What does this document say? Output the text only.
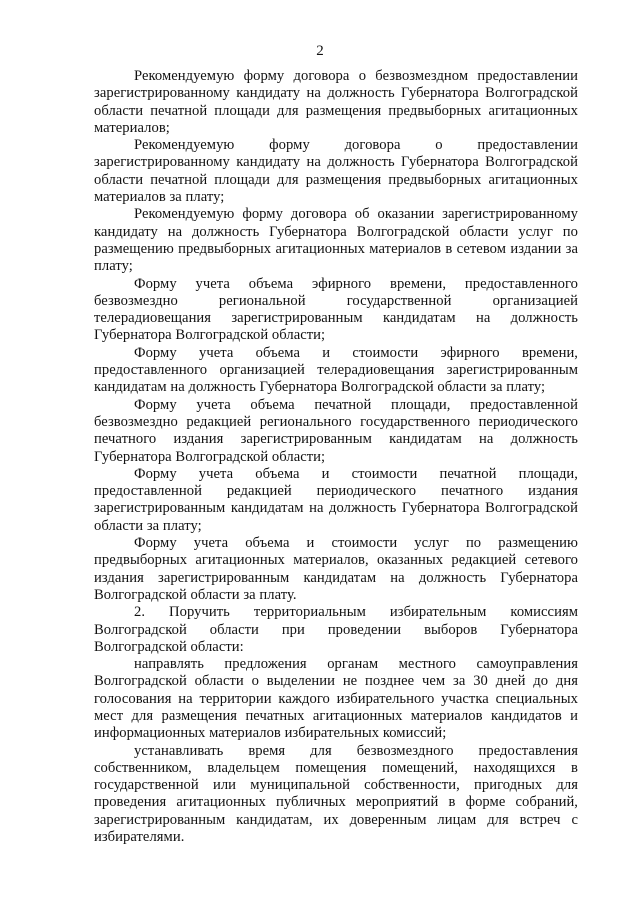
2

Рекомендуемую форму договора о безвозмездном предоставлении зарегистрированному кандидату на должность Губернатора Волгоградской области печатной площади для размещения предвыборных агитационных материалов;

Рекомендуемую форму договора о предоставлении зарегистрированному кандидату на должность Губернатора Волгоградской области печатной площади для размещения предвыборных агитационных материалов за плату;

Рекомендуемую форму договора об оказании зарегистрированному кандидату на должность Губернатора Волгоградской области услуг по размещению предвыборных агитационных материалов в сетевом издании за плату;

Форму учета объема эфирного времени, предоставленного безвозмездно региональной государственной организацией телерадиовещания зарегистрированным кандидатам на должность Губернатора Волгоградской области;

Форму учета объема и стоимости эфирного времени, предоставленного организацией телерадиовещания зарегистрированным кандидатам на должность Губернатора Волгоградской области за плату;

Форму учета объема печатной площади, предоставленной безвозмездно редакцией регионального государственного периодического печатного издания зарегистрированным кандидатам на должность Губернатора Волгоградской области;

Форму учета объема и стоимости печатной площади, предоставленной редакцией периодического печатного издания зарегистрированным кандидатам на должность Губернатора Волгоградской области за плату;

Форму учета объема и стоимости услуг по размещению предвыборных агитационных материалов, оказанных редакцией сетевого издания зарегистрированным кандидатам на должность Губернатора Волгоградской области за плату.

2. Поручить территориальным избирательным комиссиям Волгоградской области при проведении выборов Губернатора Волгоградской области:

направлять предложения органам местного самоуправления Волгоградской области о выделении не позднее чем за 30 дней до дня голосования на территории каждого избирательного участка специальных мест для размещения печатных агитационных материалов кандидатов и информационных материалов избирательных комиссий;

устанавливать время для безвозмездного предоставления собственником, владельцем помещения помещений, находящихся в государственной или муниципальной собственности, пригодных для проведения агитационных публичных мероприятий в форме собраний, зарегистрированным кандидатам, их доверенным лицам для встреч с избирателями.
